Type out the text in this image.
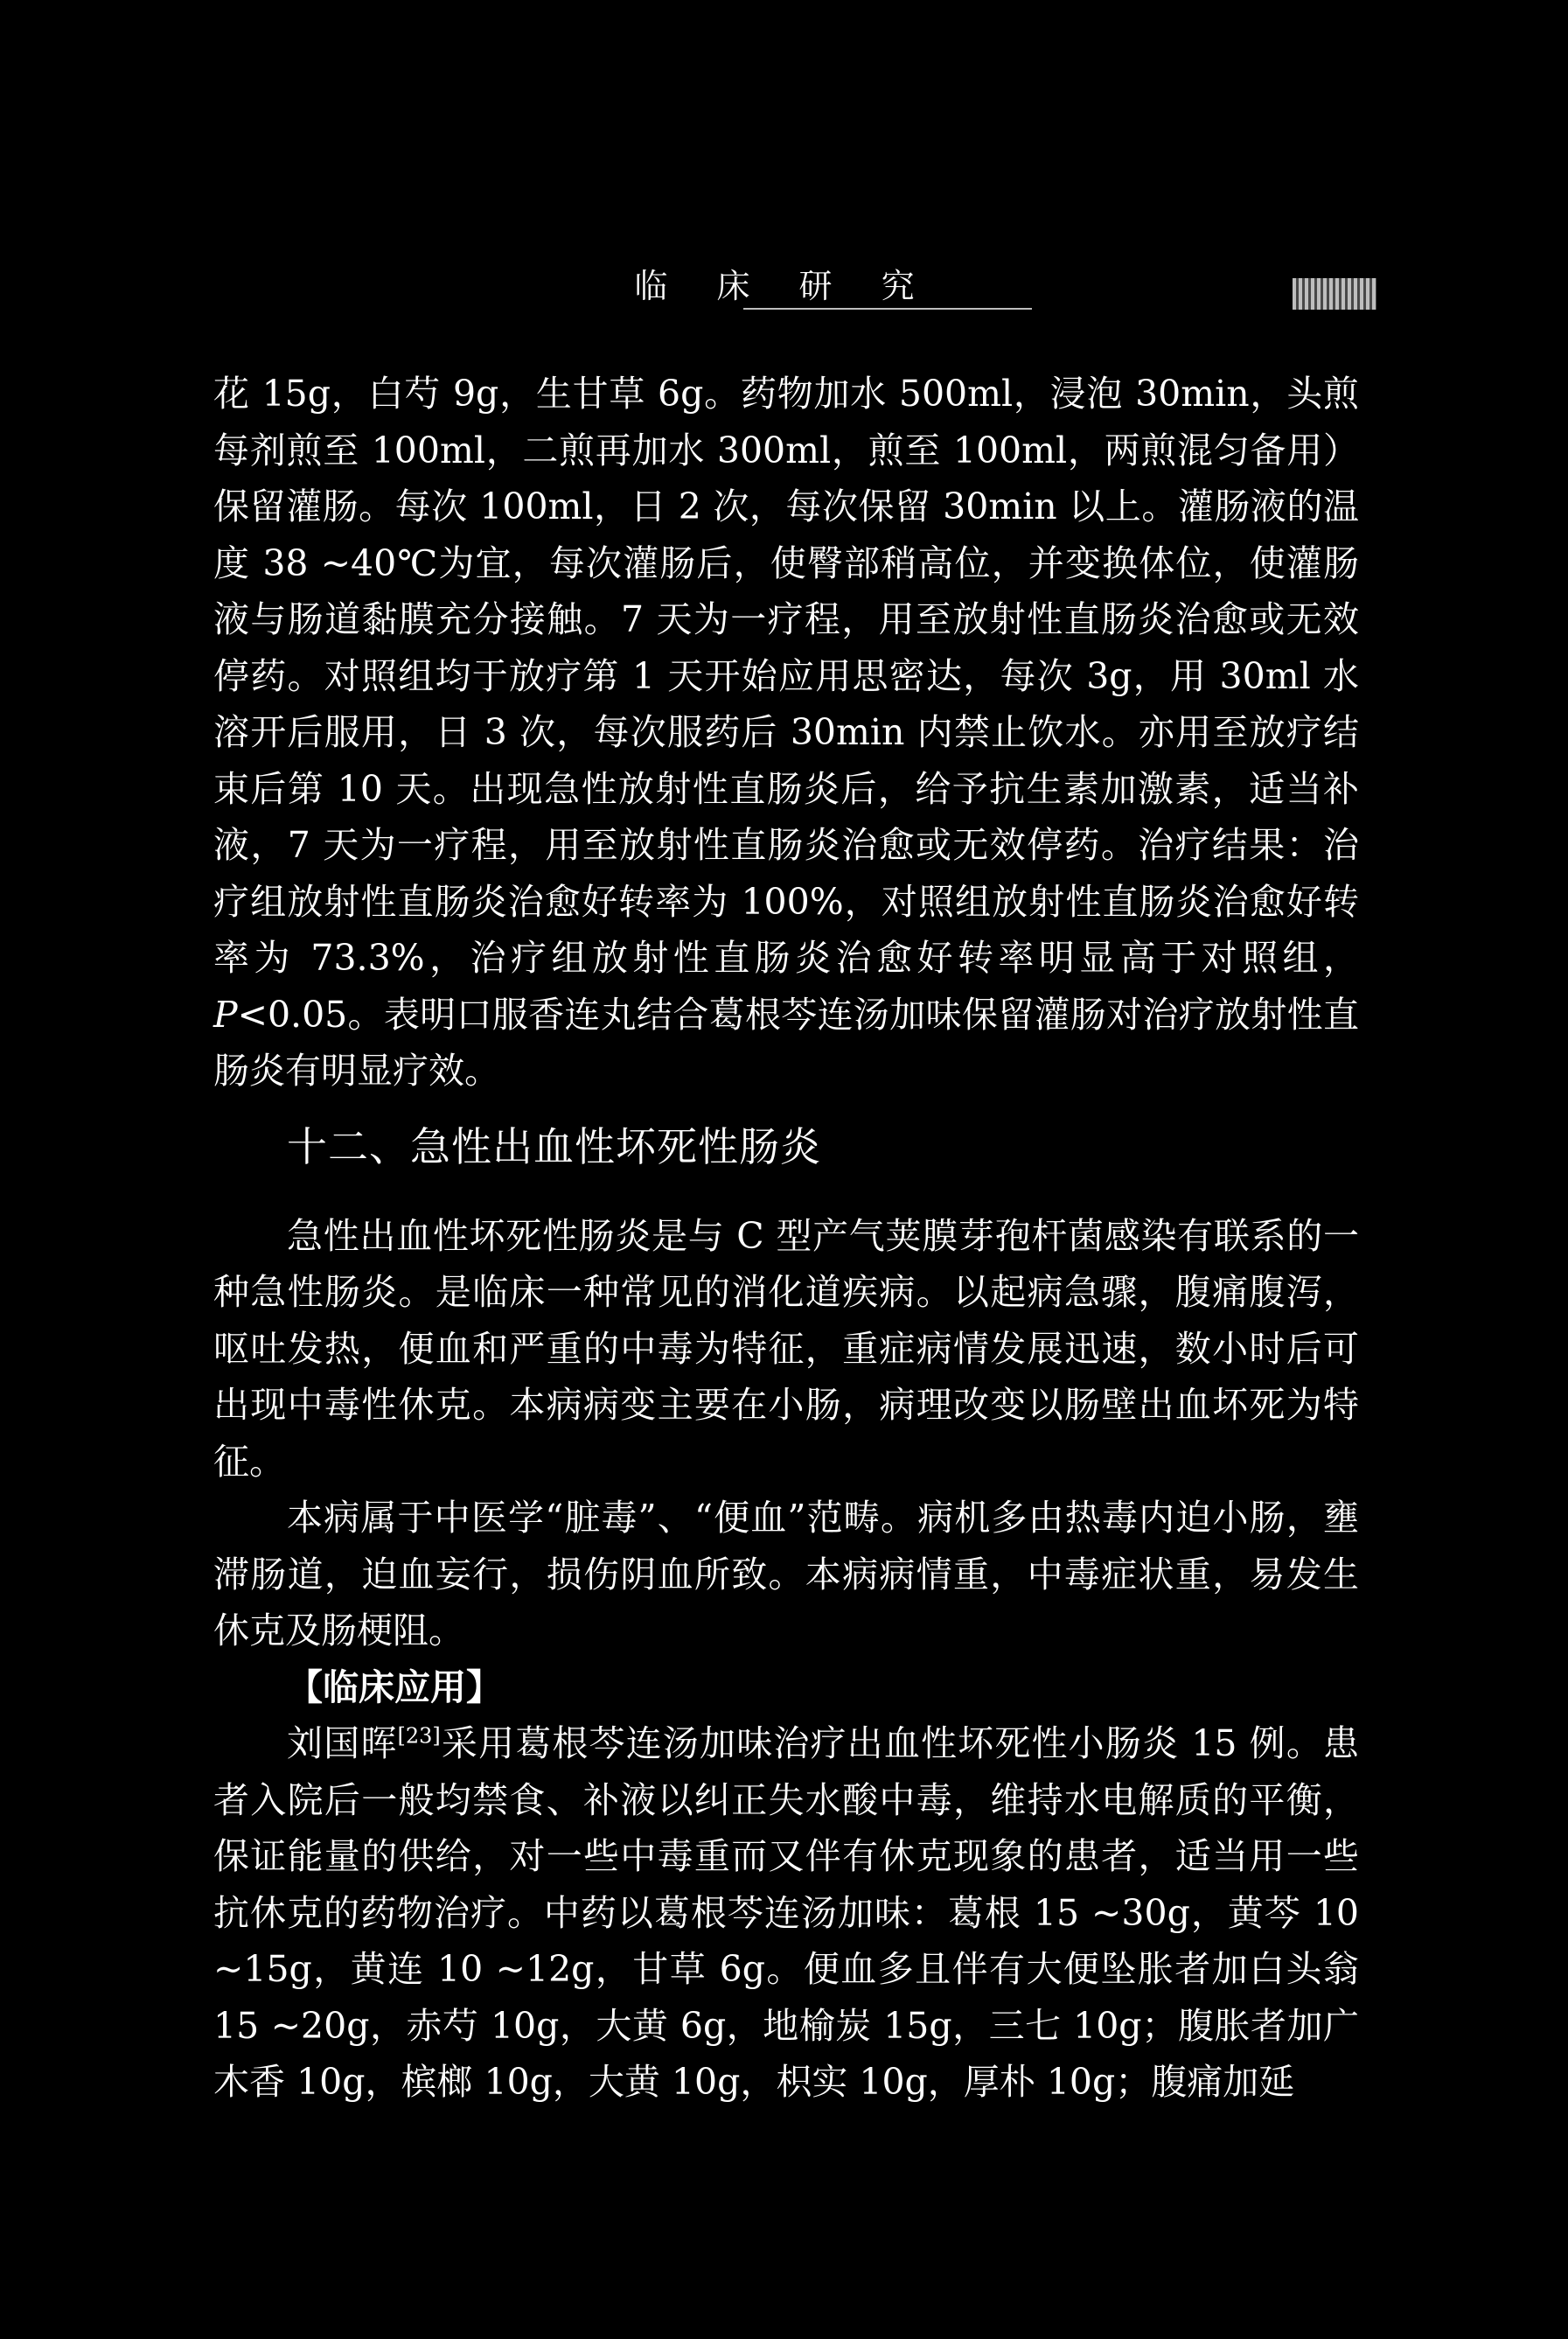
临 床 研 究

花 15g，白芍 9g，生甘草 6g。药物加水 500ml，浸泡 30min，头煎每剂煎至 100ml，二煎再加水 300ml，煎至 100ml，两煎混匀备用）保留灌肠。每次 100ml，日 2 次，每次保留 30min 以上。灌肠液的温度 38 ~40℃为宜，每次灌肠后，使臀部稍高位，并变换体位，使灌肠液与肠道黏膜充分接触。7 天为一疗程，用至放射性直肠炎治愈或无效停药。对照组均于放疗第 1 天开始应用思密达，每次 3g，用 30ml 水溶开后服用，日 3 次，每次服药后 30min 内禁止饮水。亦用至放疗结束后第 10 天。出现急性放射性直肠炎后，给予抗生素加激素，适当补液，7 天为一疗程，用至放射性直肠炎治愈或无效停药。治疗结果：治疗组放射性直肠炎治愈好转率为 100%，对照组放射性直肠炎治愈好转率为 73.3%，治疗组放射性直肠炎治愈好转率明显高于对照组，P<0.05。表明口服香连丸结合葛根芩连汤加味保留灌肠对治疗放射性直肠炎有明显疗效。

十二、急性出血性坏死性肠炎

急性出血性坏死性肠炎是与 C 型产气荚膜芽孢杆菌感染有联系的一种急性肠炎。是临床一种常见的消化道疾病。以起病急骤，腹痛腹泻，呕吐发热，便血和严重的中毒为特征，重症病情发展迅速，数小时后可出现中毒性休克。本病病变主要在小肠，病理改变以肠壁出血坏死为特征。

本病属于中医学“脏毒”、“便血”范畴。病机多由热毒内迫小肠，壅滞肠道，迫血妄行，损伤阴血所致。本病病情重，中毒症状重，易发生休克及肠梗阻。

【临床应用】

刘国晖[23]采用葛根芩连汤加味治疗出血性坏死性小肠炎 15 例。患者入院后一般均禁食、补液以纠正失水酸中毒，维持水电解质的平衡，保证能量的供给，对一些中毒重而又伴有休克现象的患者，适当用一些抗休克的药物治疗。中药以葛根芩连汤加味：葛根 15 ~30g，黄芩 10 ~15g，黄连 10 ~12g，甘草 6g。便血多且伴有大便坠胀者加白头翁 15 ~20g，赤芍 10g，大黄 6g，地榆炭 15g，三七 10g；腹胀者加广木香 10g，槟榔 10g，大黄 10g，枳实 10g，厚朴 10g；腹痛加延
